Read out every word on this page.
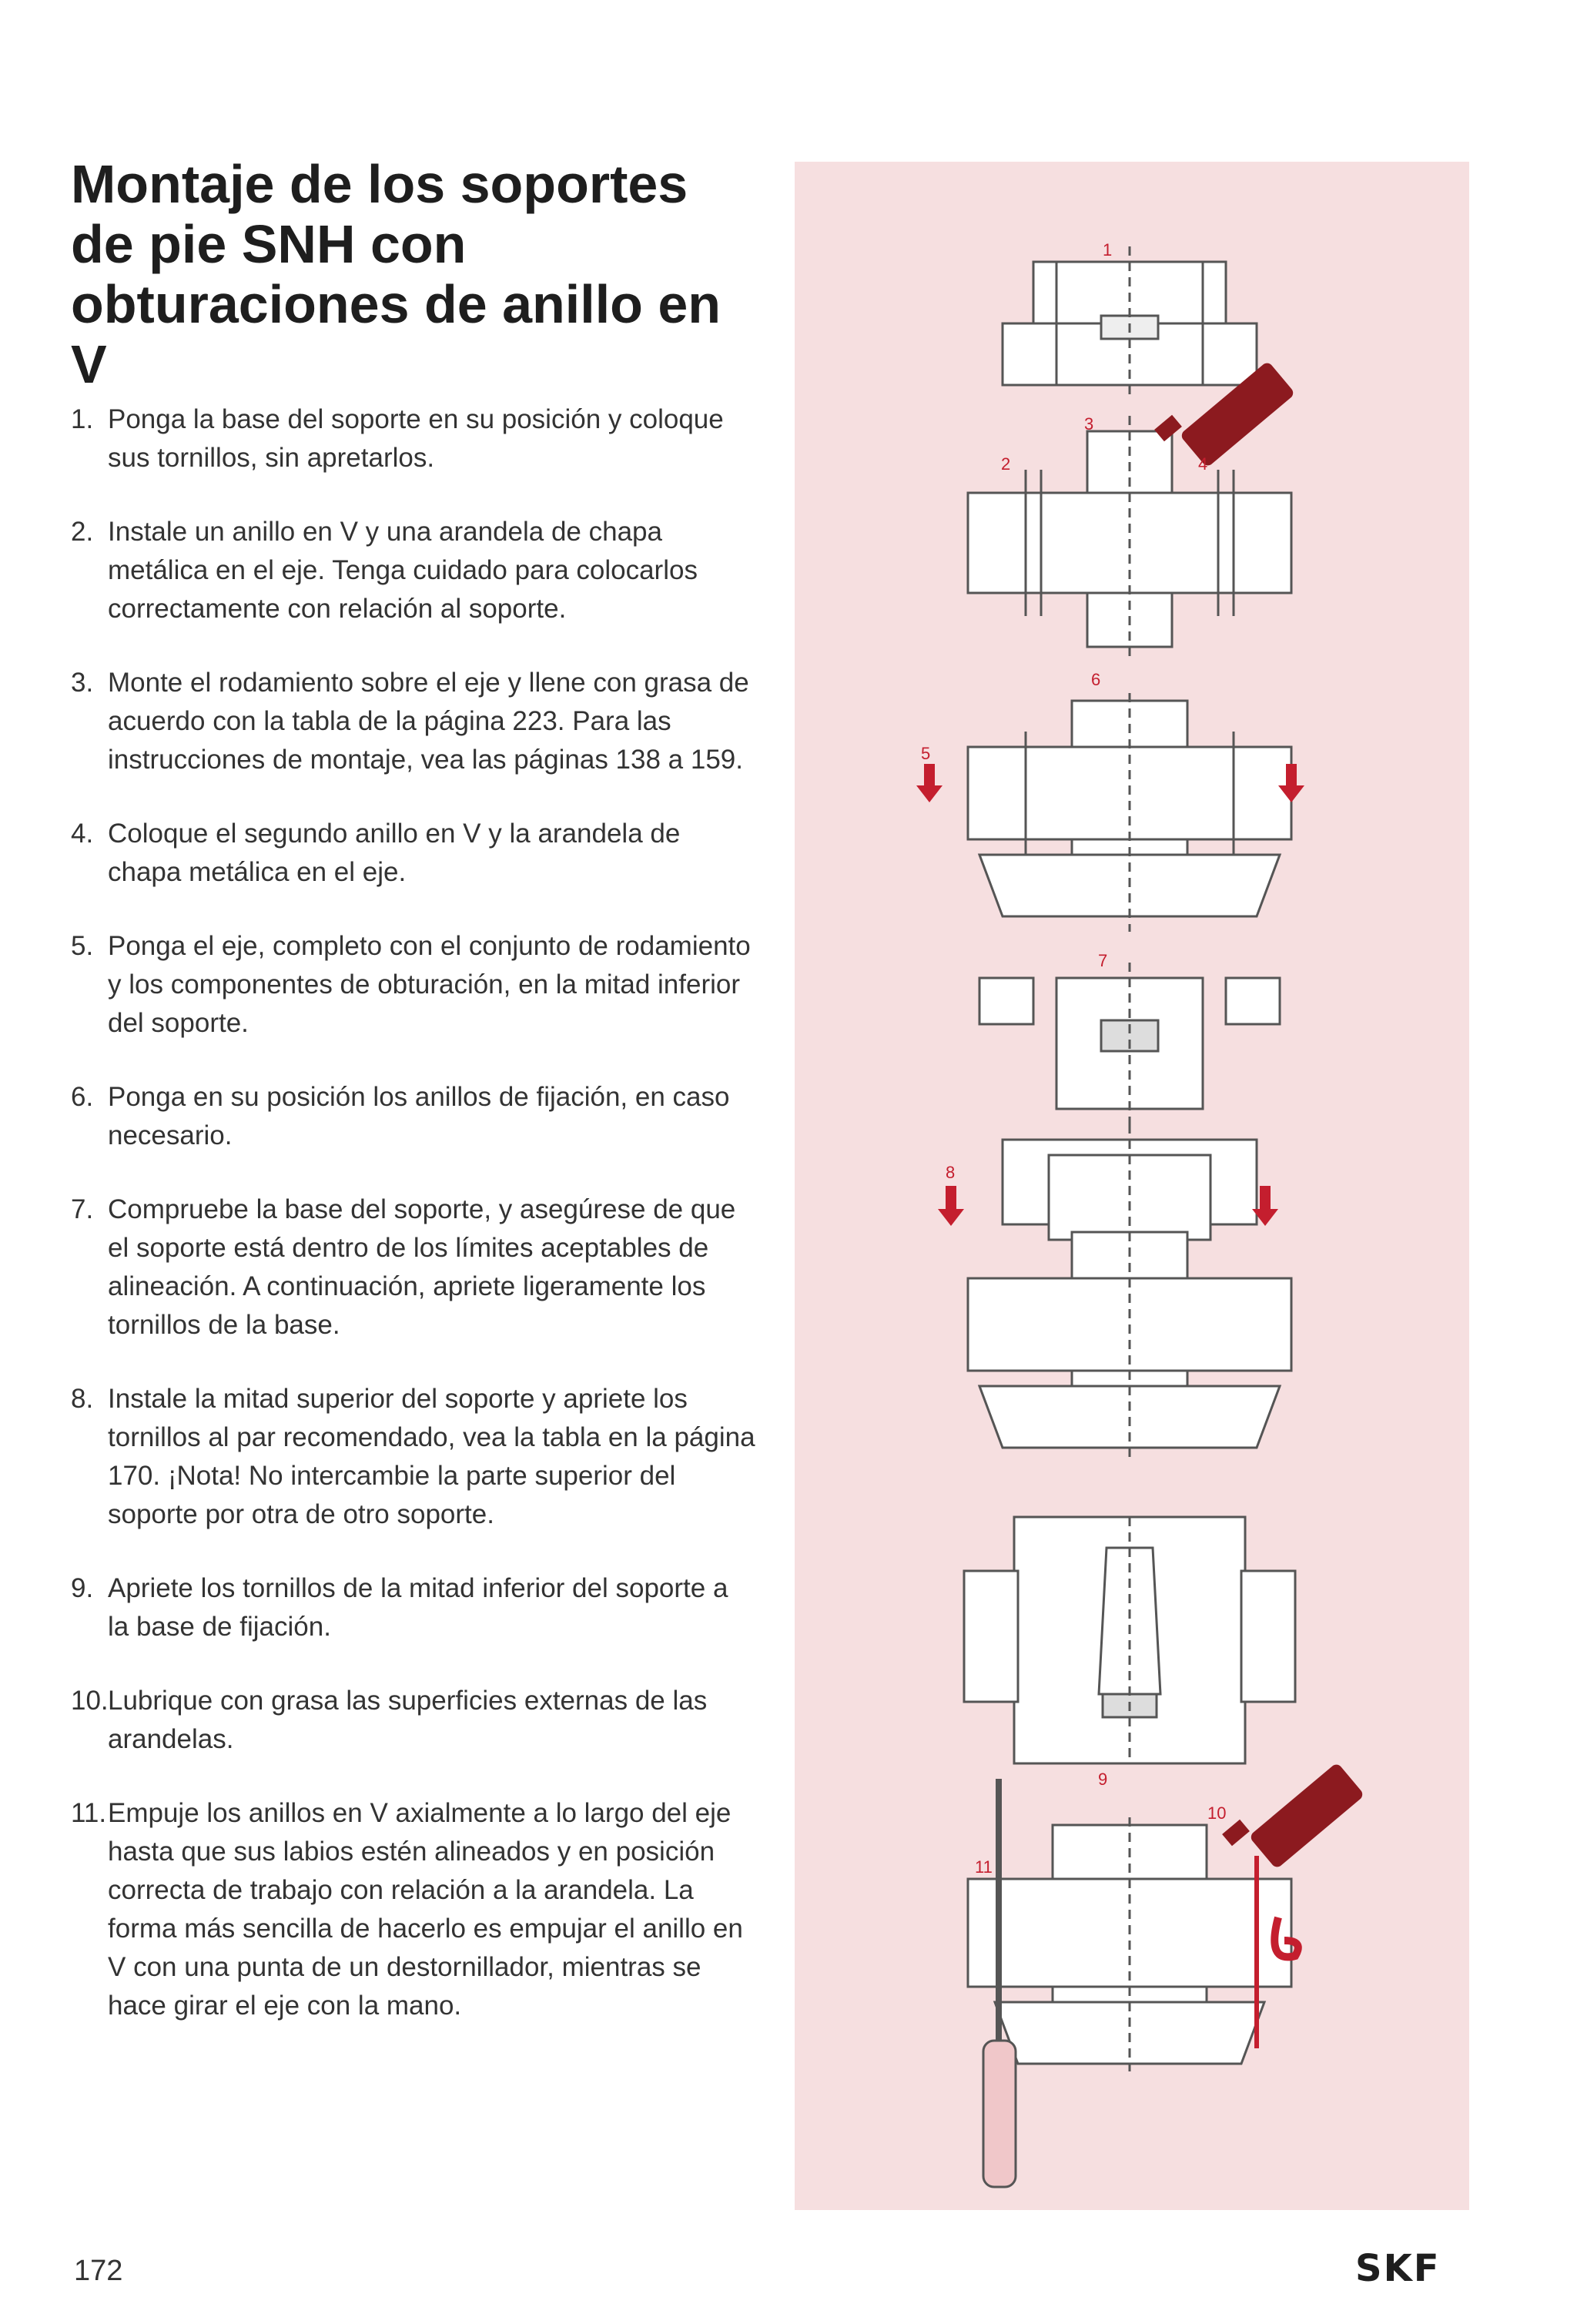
Montaje de los soportes de pie SNH con obturaciones de anillo en V
1. Ponga la base del soporte en su posición y coloque sus tornillos, sin apretarlos.
2. Instale un anillo en V y una arandela de chapa metálica en el eje. Tenga cuidado para colocarlos correctamente con relación al soporte.
3. Monte el rodamiento sobre el eje y llene con grasa de acuerdo con la tabla de la página 223. Para las instrucciones de montaje, vea las páginas 138 a 159.
4. Coloque el segundo anillo en V y la arandela de chapa metálica en el eje.
5. Ponga el eje, completo con el conjunto de rodamiento y los componentes de obturación, en la mitad inferior del soporte.
6. Ponga en su posición los anillos de fijación, en caso necesario.
7. Compruebe la base del soporte, y asegúrese de que el soporte está dentro de los límites aceptables de alineación. A continuación, apriete ligeramente los tornillos de la base.
8. Instale la mitad superior del soporte y apriete los tornillos al par recomendado, vea la tabla en la página 170. ¡Nota! No intercambie la parte superior del soporte por otra de otro soporte.
9. Apriete los tornillos de la mitad inferior del soporte a la base de fijación.
10. Lubrique con grasa las superficies externas de las arandelas.
11. Empuje los anillos en V axialmente a lo largo del eje hasta que sus labios estén alineados y en posición correcta de trabajo con relación a la arandela. La forma más sencilla de hacerlo es empujar el anillo en V con una punta de un destornillador, mientras se hace girar el eje con la mano.
1
2
3
4
5
6
7
8
9
10
11
172	SKF
